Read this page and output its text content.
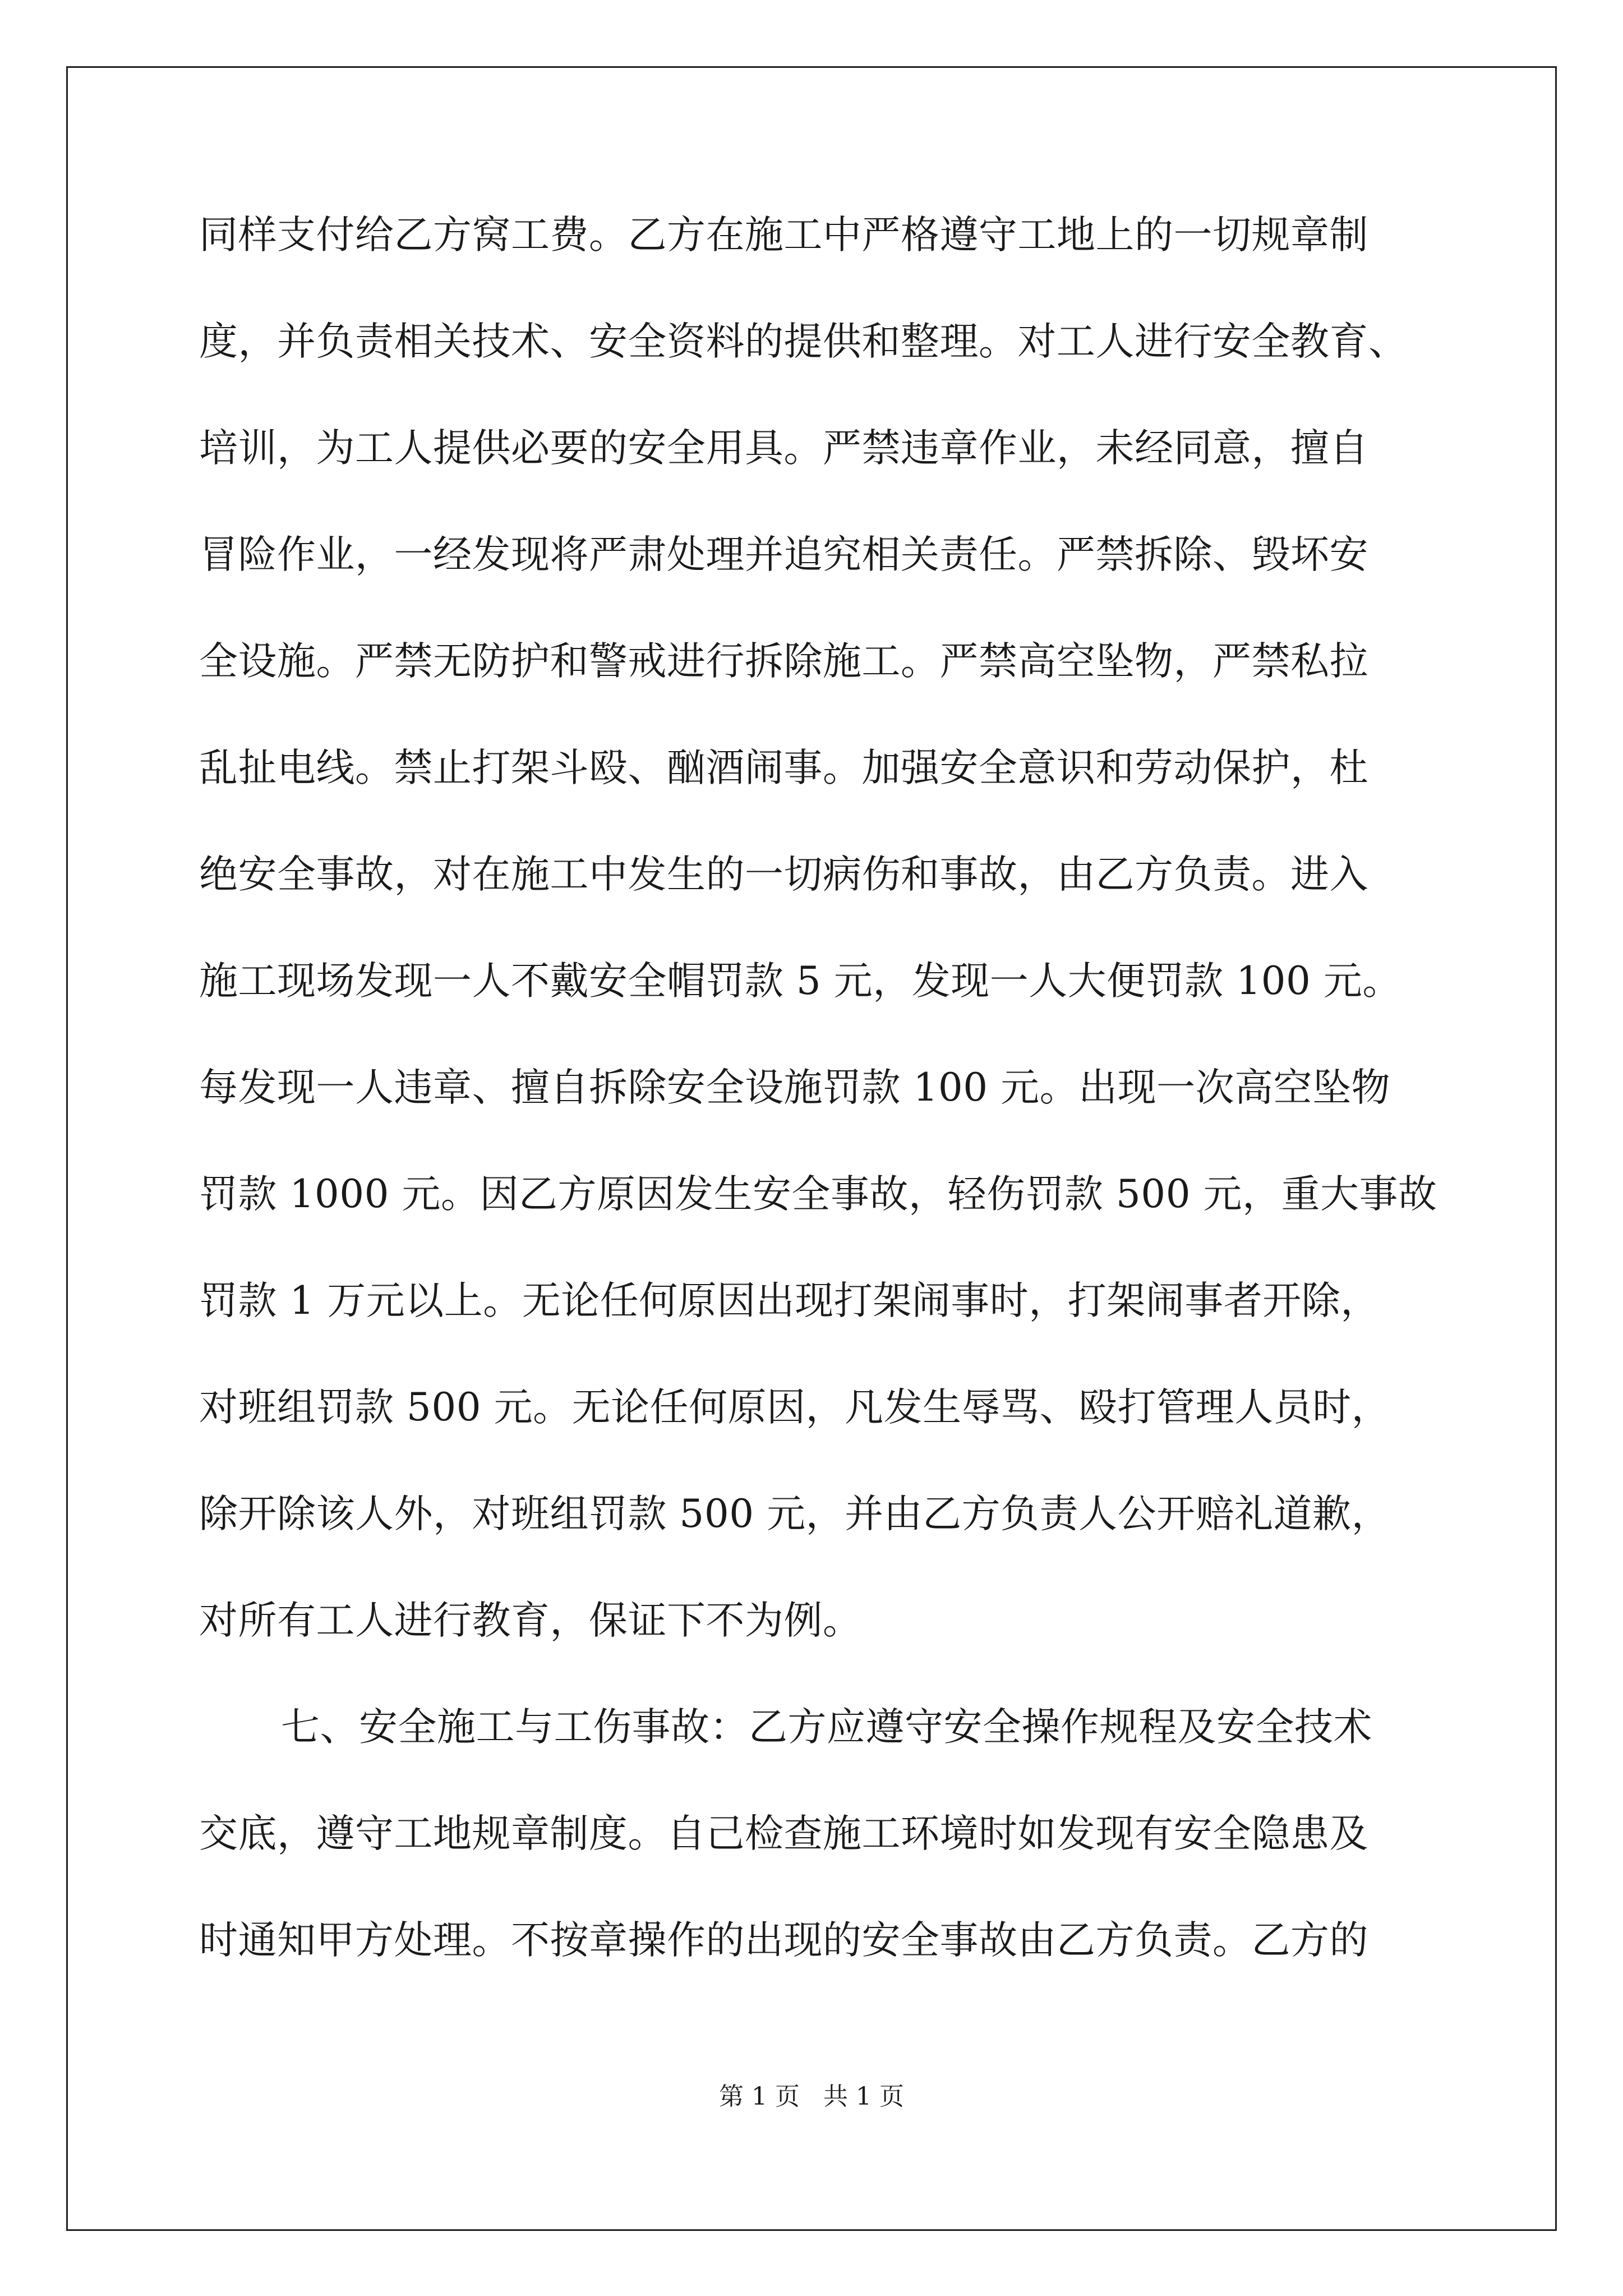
同样支付给乙方窝工费。乙方在施工中严格遵守工地上的一切规章制
度，并负责相关技术、安全资料的提供和整理。对工人进行安全教育、
培训，为工人提供必要的安全用具。严禁违章作业，未经同意，擅自
冒险作业，一经发现将严肃处理并追究相关责任。严禁拆除、毁坏安
全设施。严禁无防护和警戒进行拆除施工。严禁高空坠物，严禁私拉
乱扯电线。禁止打架斗殴、酗酒闹事。加强安全意识和劳动保护，杜
绝安全事故，对在施工中发生的一切病伤和事故，由乙方负责。进入
施工现场发现一人不戴安全帽罚款 5 元，发现一人大便罚款 100 元。
每发现一人违章、擅自拆除安全设施罚款 100 元。出现一次高空坠物
罚款 1000 元。因乙方原因发生安全事故，轻伤罚款 500 元，重大事故
罚款 1 万元以上。无论任何原因出现打架闹事时，打架闹事者开除，
对班组罚款 500 元。无论任何原因，凡发生辱骂、殴打管理人员时，
除开除该人外，对班组罚款 500 元，并由乙方负责人公开赔礼道歉，
对所有工人进行教育，保证下不为例。
七、安全施工与工伤事故：乙方应遵守安全操作规程及安全技术
交底，遵守工地规章制度。自己检查施工环境时如发现有安全隐患及
时通知甲方处理。不按章操作的出现的安全事故由乙方负责。乙方的
第 1 页   共 1 页
